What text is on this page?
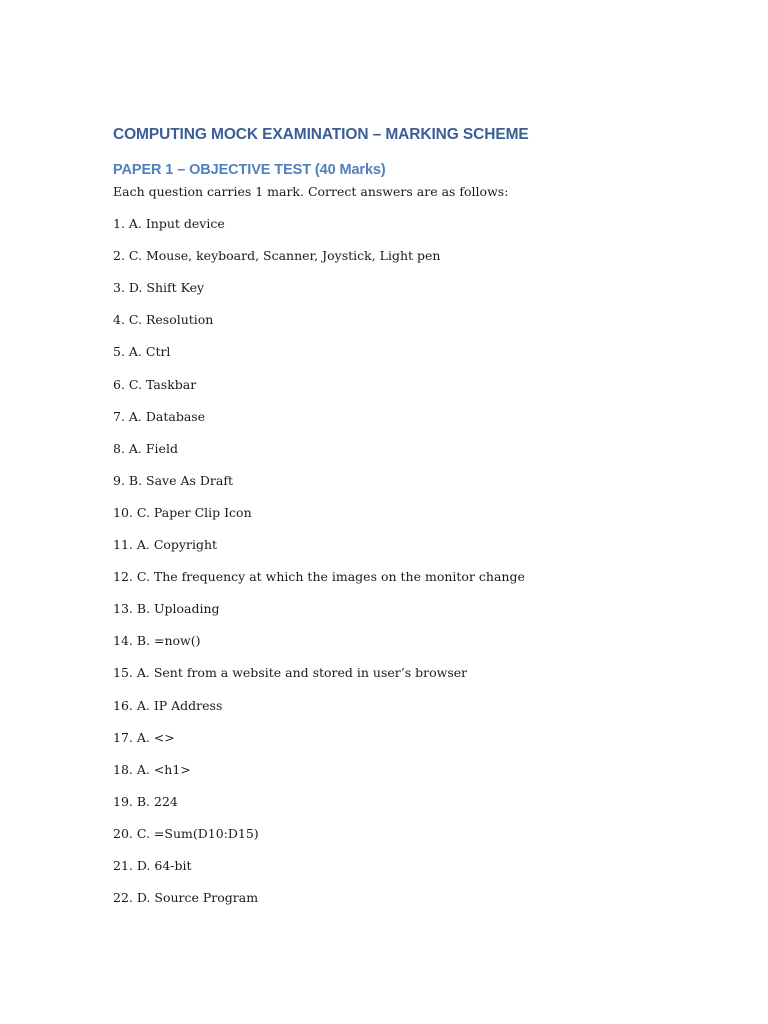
COMPUTING MOCK EXAMINATION – MARKING SCHEME
PAPER 1 – OBJECTIVE TEST (40 Marks)

Each question carries 1 mark. Correct answers are as follows:

1. A. Input device
2. C. Mouse, keyboard, Scanner, Joystick, Light pen
3. D. Shift Key
4. C. Resolution
5. A. Ctrl
6. C. Taskbar
7. A. Database
8. A. Field
9. B. Save As Draft
10. C. Paper Clip Icon
11. A. Copyright
12. C. The frequency at which the images on the monitor change
13. B. Uploading
14. B. =now()
15. A. Sent from a website and stored in user’s browser
16. A. IP Address
17. A. <>
18. A. <h1>
19. B. 224
20. C. =Sum(D10:D15)
21. D. 64-bit
22. D. Source Program
